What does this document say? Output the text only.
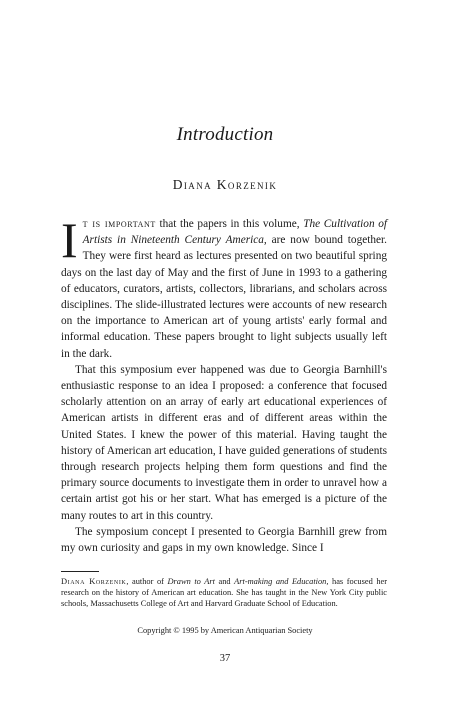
Introduction
Diana Korzenik

It is important that the papers in this volume, The Cultivation of Artists in Nineteenth Century America, are now bound together. They were first heard as lectures presented on two beautiful spring days on the last day of May and the first of June in 1993 to a gathering of educators, curators, artists, collectors, librarians, and scholars across disciplines. The slide-illustrated lectures were accounts of new research on the importance to American art of young artists' early formal and informal education. These papers brought to light subjects usually left in the dark.

That this symposium ever happened was due to Georgia Barnhill's enthusiastic response to an idea I proposed: a conference that focused scholarly attention on an array of early art educational experiences of American artists in different eras and of different areas within the United States. I knew the power of this material. Having taught the history of American art education, I have guided generations of students through research projects helping them form questions and find the primary source documents to investigate them in order to unravel how a certain artist got his or her start. What has emerged is a picture of the many routes to art in this country.

The symposium concept I presented to Georgia Barnhill grew from my own curiosity and gaps in my own knowledge. Since I

Diana Korzenik, author of Drawn to Art and Art-making and Education, has focused her research on the history of American art education. She has taught in the New York City public schools, Massachusetts College of Art and Harvard Graduate School of Education.

Copyright © 1995 by American Antiquarian Society
37
